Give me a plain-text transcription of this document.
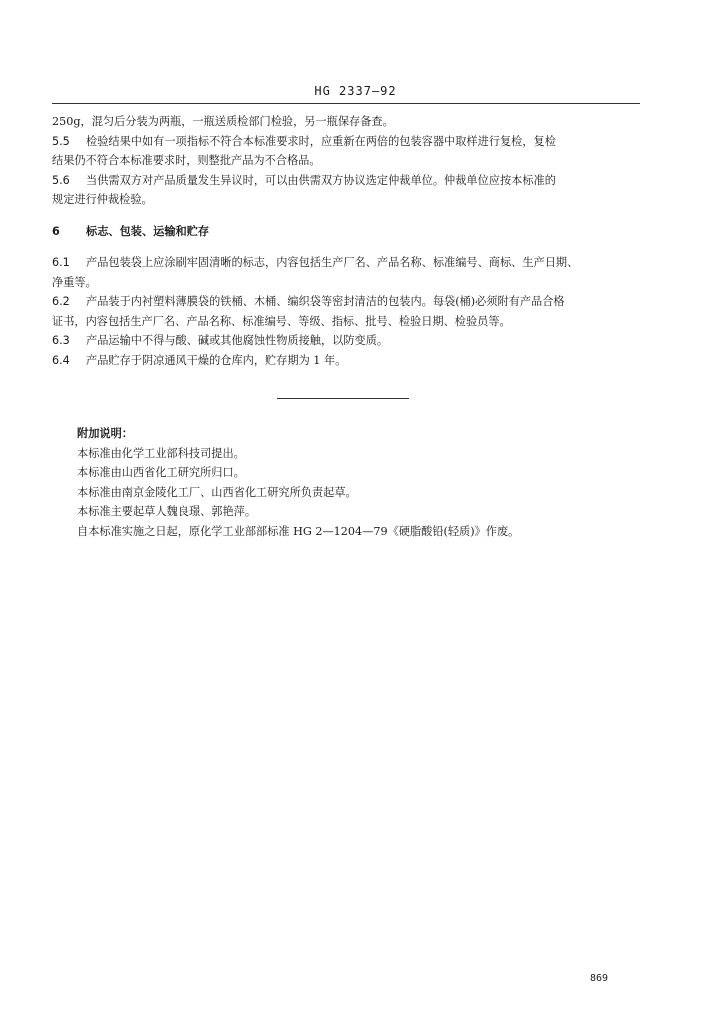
HG 2337—92

250g，混匀后分装为两瓶，一瓶送质检部门检验，另一瓶保存备查。

5.5 检验结果中如有一项指标不符合本标准要求时，应重新在两倍的包装容器中取样进行复检，复检

结果仍不符合本标准要求时，则整批产品为不合格品。

5.6 当供需双方对产品质量发生异议时，可以由供需双方协议选定仲裁单位。仲裁单位应按本标准的

规定进行仲裁检验。

6 标志、包装、运输和贮存

6.1 产品包装袋上应涂刷牢固清晰的标志，内容包括生产厂名、产品名称、标准编号、商标、生产日期、

净重等。

6.2 产品装于内衬塑料薄膜袋的铁桶、木桶、编织袋等密封清洁的包装内。每袋(桶)必须附有产品合格

证书，内容包括生产厂名、产品名称、标准编号、等级、指标、批号、检验日期、检验员等。

6.3 产品运输中不得与酸、碱或其他腐蚀性物质接触，以防变质。

6.4 产品贮存于阴凉通风干燥的仓库内，贮存期为 1 年。

附加说明：

本标准由化学工业部科技司提出。

本标准由山西省化工研究所归口。

本标准由南京金陵化工厂、山西省化工研究所负责起草。

本标准主要起草人魏良璟、郭艳萍。

自本标准实施之日起，原化学工业部部标准 HG 2—1204—79《硬脂酸铅(轻质)》作废。

869
